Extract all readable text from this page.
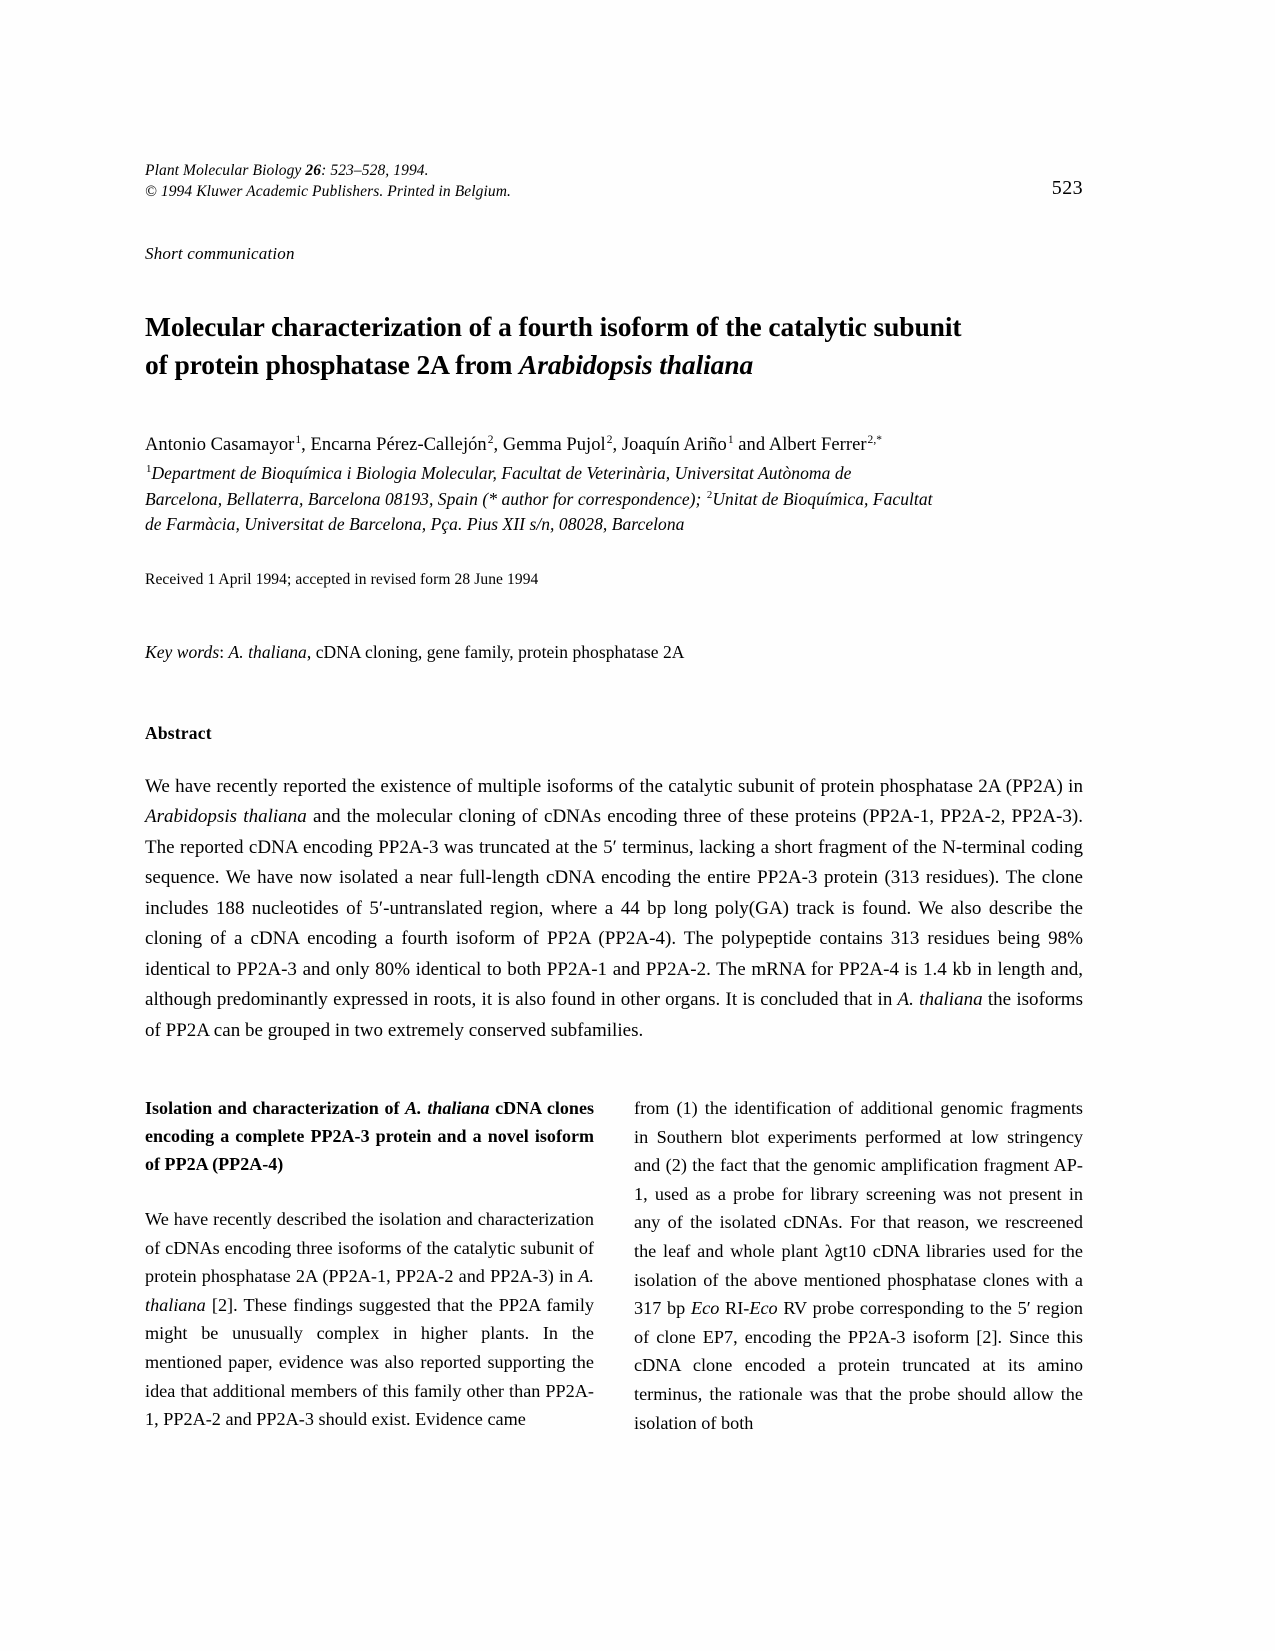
Plant Molecular Biology 26: 523–528, 1994.
© 1994 Kluwer Academic Publishers. Printed in Belgium.	523
Short communication
Molecular characterization of a fourth isoform of the catalytic subunit
of protein phosphatase 2A from Arabidopsis thaliana
Antonio Casamayor$^1$, Encarna Pérez-Callejón$^2$, Gemma Pujol$^2$, Joaquín Ariño$^1$ and Albert Ferrer$^{2,*}$
$^1$Department de Bioquímica i Biologia Molecular, Facultat de Veterinària, Universitat Autònoma de
Barcelona, Bellaterra, Barcelona 08193, Spain (* author for correspondence); $^2$Unitat de Bioquímica, Facultat
de Farmàcia, Universitat de Barcelona, Pça. Pius XII s/n, 08028, Barcelona
Received 1 April 1994; accepted in revised form 28 June 1994
Key words: A. thaliana, cDNA cloning, gene family, protein phosphatase 2A
Abstract
We have recently reported the existence of multiple isoforms of the catalytic subunit of protein phosphatase 2A (PP2A) in Arabidopsis thaliana and the molecular cloning of cDNAs encoding three of these proteins (PP2A-1, PP2A-2, PP2A-3). The reported cDNA encoding PP2A-3 was truncated at the 5′ terminus, lacking a short fragment of the N-terminal coding sequence. We have now isolated a near full-length cDNA encoding the entire PP2A-3 protein (313 residues). The clone includes 188 nucleotides of 5′-untranslated region, where a 44 bp long poly(GA) track is found. We also describe the cloning of a cDNA encoding a fourth isoform of PP2A (PP2A-4). The polypeptide contains 313 residues being 98% identical to PP2A-3 and only 80% identical to both PP2A-1 and PP2A-2. The mRNA for PP2A-4 is 1.4 kb in length and, although predominantly expressed in roots, it is also found in other organs. It is concluded that in A. thaliana the isoforms of PP2A can be grouped in two extremely conserved subfamilies.
Isolation and characterization of A. thaliana cDNA clones encoding a complete PP2A-3 protein and a novel isoform of PP2A (PP2A-4)
We have recently described the isolation and characterization of cDNAs encoding three isoforms of the catalytic subunit of protein phosphatase 2A (PP2A-1, PP2A-2 and PP2A-3) in A. thaliana [2]. These findings suggested that the PP2A family might be unusually complex in higher plants. In the mentioned paper, evidence was also reported supporting the idea that additional members of this family other than PP2A-1, PP2A-2 and PP2A-3 should exist. Evidence came
from (1) the identification of additional genomic fragments in Southern blot experiments performed at low stringency and (2) the fact that the genomic amplification fragment AP-1, used as a probe for library screening was not present in any of the isolated cDNAs. For that reason, we rescreened the leaf and whole plant λgt10 cDNA libraries used for the isolation of the above mentioned phosphatase clones with a 317 bp Eco RI-Eco RV probe corresponding to the 5′ region of clone EP7, encoding the PP2A-3 isoform [2]. Since this cDNA clone encoded a protein truncated at its amino terminus, the rationale was that the probe should allow the isolation of both
